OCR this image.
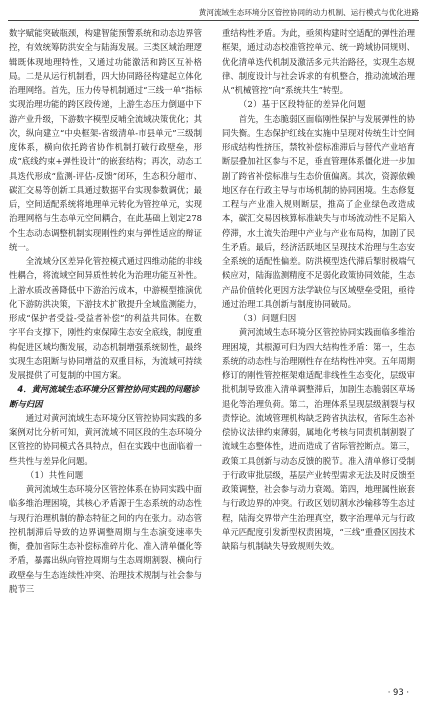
黄河流域生态环境分区管控协同的动力机制、运行模式与优化进路

数字赋能突破瓶颈，构建智能预警系统和动态边界管控，有效统筹防洪安全与陆海发展。三类区域治理逻辑既体现地理特性，又通过功能激活和跨区互补格局。二是从运行机制看，四大协同路径构建起立体化治理网络。首先，压力传导机制通过“三线一单”指标实现治理功能的跨区段传递，上游生态压力倒逼中下游产业升级，下游数字模型反哺全流域决策优化；其次，纵向建立“中央框架-省级清单-市县单元”三级制度体系，横向依托跨省协作机制打破行政壁垒，形成“底线约束+弹性设计”的嵌套结构；再次，动态工具迭代形成“监测-评估-反馈”闭环，生态积分超市、碳汇交易等创新工具通过数据平台实现参数调优；最后，空间适配系统将地理单元转化为管控单元，实现治理网格与生态单元空间耦合，在此基础上划定278个生态动态调整机制实现刚性约束与弹性适应的辩证统一。

全流域分区差异化管控模式通过四维动能的非线性耦合，将流域空间异质性转化为治理功能互补性。上游水质改善降低中下游治污成本，中游模型推演优化下游防洪决策，下游技术扩散提升全域监测能力，形成“保护者受益-受益者补偿”的利益共同体。在数字平台支撑下，刚性约束保障生态安全底线，制度重构促进区域均衡发展，动态机制增强系统韧性，最终实现生态阻断与协同增益的双重目标，为流域可持续发展提供了可复制的中国方案。

4．黄河流域生态环境分区管控协同实践的问题诊断与归因

通过对黄河流域生态环境分区管控协同实践的多案例对比分析可知，黄河流域不同区段的生态环境分区管控的协同模式各具特点，但在实践中也面临着一些共性与差异化问题。

（1）共性问题

黄河流域生态环境分区管控体系在协同实践中面临多维治理困境，其核心矛盾源于生态系统的动态性与现行治理机制的静态特征之间的内在张力。动态管控机制滞后导致的边界调整周期与生态演变速率失衡，叠加省际生态补偿标准碎片化、准入清单僵化等矛盾，暴露出纵向管控周期与生态周期割裂、横向行政壁垒与生态连续性冲突、治理技术规制与社会参与脱节三

重结构性矛盾。为此，亟须构建时空适配的弹性治理框架，通过动态校准管控单元、统一跨域协同规则、优化清单迭代机制及激活多元共治路径，实现生态规律、制度设计与社会诉求的有机整合，推动流域治理从“机械管控”向“系统共生”转型。

（2）基于区段特征的差异化问题

首先，生态脆弱区面临刚性保护与发展弹性的协同失衡。生态保护红线在实施中呈现对传统生计空间形成结构性挤压，禁牧补偿标准滞后与替代产业培育断层叠加社区参与不足，垂直管理体系僵化进一步加剧了跨省补偿标准与生态价值偏离。其次，资源依赖地区存在行政主导与市场机制的协同困境。生态修复工程与产业准入规则断层，推高了企业绿色改造成本，碳汇交易因核算标准缺失与市场流动性不足陷入停滞，水土流失治理中产业与产业布局构，加剧了民生矛盾。最后，经济活跃地区呈现技术治理与生态安全系统的适配性偏差。防洪模型迭代滞后掣肘极端气候应对，陆海监测精度不足弱化政策协同效能，生态产品价值转化更因方法学缺位与区域壁垒受阻，亟待通过治理工具创新与制度协同破局。

（3）问题归因

黄河流域生态环境分区管控协同实践面临多维治理困境，其根源可归为四大结构性矛盾：第一，生态系统的动态性与治理刚性存在结构性冲突。五年周期修订的刚性管控框架难适配非线性生态变化，层级审批机制导致准入清单调整滞后，加剧生态脆弱区草场退化等治理负荷。第二，治理体系呈现层级割裂与权责悖论。流域管理机构缺乏跨省执法权，省际生态补偿协议法律约束薄弱，属地化考核与同责机制割裂了流域生态整体性，进而造成了省际管控断点。第三，政策工具创新与动态反馈的脱节。准入清单修订受制于行政审批层级，基层产业转型需求无法及时反馈至政策调整，社会参与动力衰竭。第四，地理属性嵌套与行政边界的冲突。行政区划切割水沙输移等生态过程，陆海交界带产生治理真空，数字治理单元与行政单元匹配度引发新型权责困境，“三线”重叠区因技术缺陷与机制缺失导致规则失效。

· 93 ·
